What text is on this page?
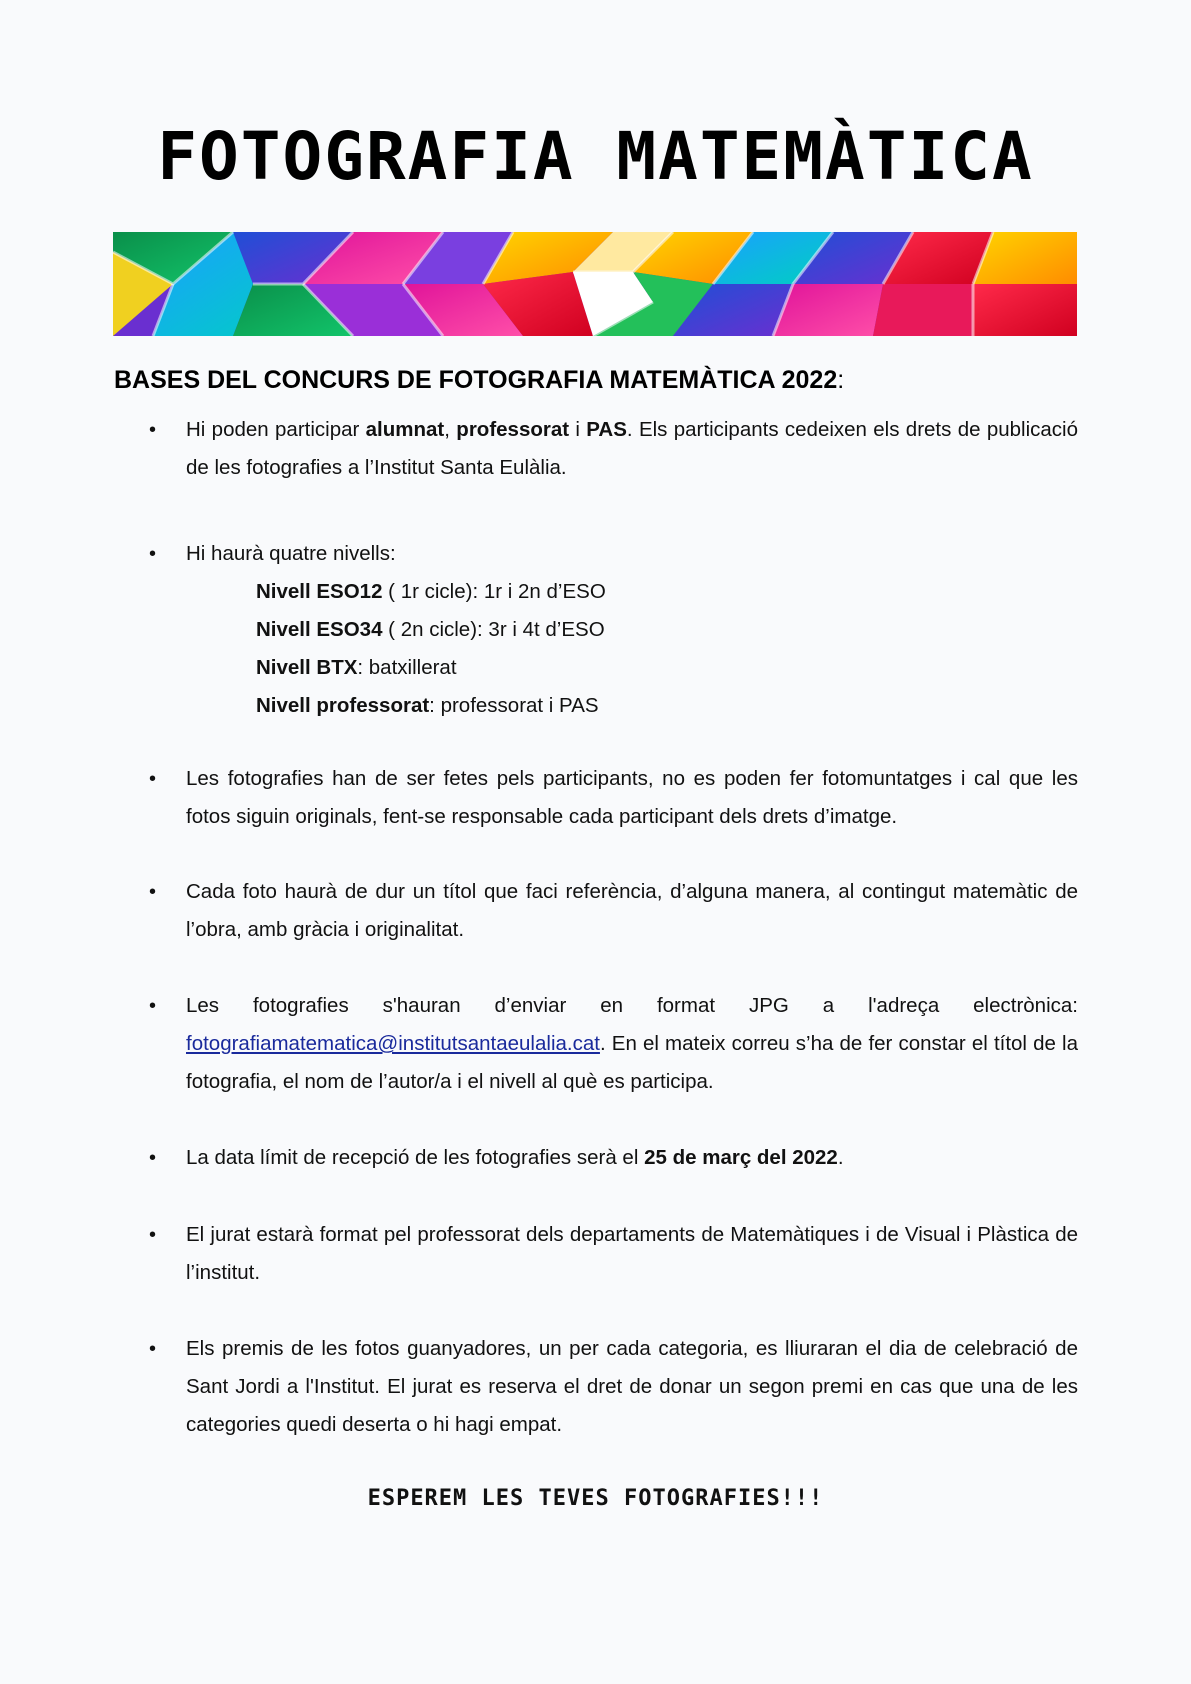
FOTOGRAFIA MATEMÀTICA
BASES DEL CONCURS DE FOTOGRAFIA MATEMÀTICA 2022:
• Hi poden participar alumnat, professorat i PAS. Els participants cedeixen els drets de publicació de les fotografies a l’Institut Santa Eulàlia.
• Hi haurà quatre nivells:
Nivell ESO12 ( 1r cicle): 1r i 2n d’ESO
Nivell ESO34 ( 2n cicle): 3r i 4t d’ESO
Nivell BTX: batxillerat
Nivell professorat: professorat i PAS
• Les fotografies han de ser fetes pels participants, no es poden fer fotomuntatges i cal que les fotos siguin originals, fent-se responsable cada participant dels drets d’imatge.
• Cada foto haurà de dur un títol que faci referència, d’alguna manera, al contingut matemàtic de l’obra, amb gràcia i originalitat.
• Les fotografies s'hauran d’enviar en format JPG a l'adreça electrònica: fotografiamatematica@institutsantaeulalia.cat. En el mateix correu s’ha de fer constar el títol de la fotografia, el nom de l’autor/a i el nivell al què es participa.
• La data límit de recepció de les fotografies serà el 25 de març del 2022.
• El jurat estarà format pel professorat dels departaments de Matemàtiques i de Visual i Plàstica de l’institut.
• Els premis de les fotos guanyadores, un per cada categoria, es lliuraran el dia de celebració de Sant Jordi a l'Institut. El jurat es reserva el dret de donar un segon premi en cas que una de les categories quedi deserta o hi hagi empat.
ESPEREM LES TEVES FOTOGRAFIES!!!
